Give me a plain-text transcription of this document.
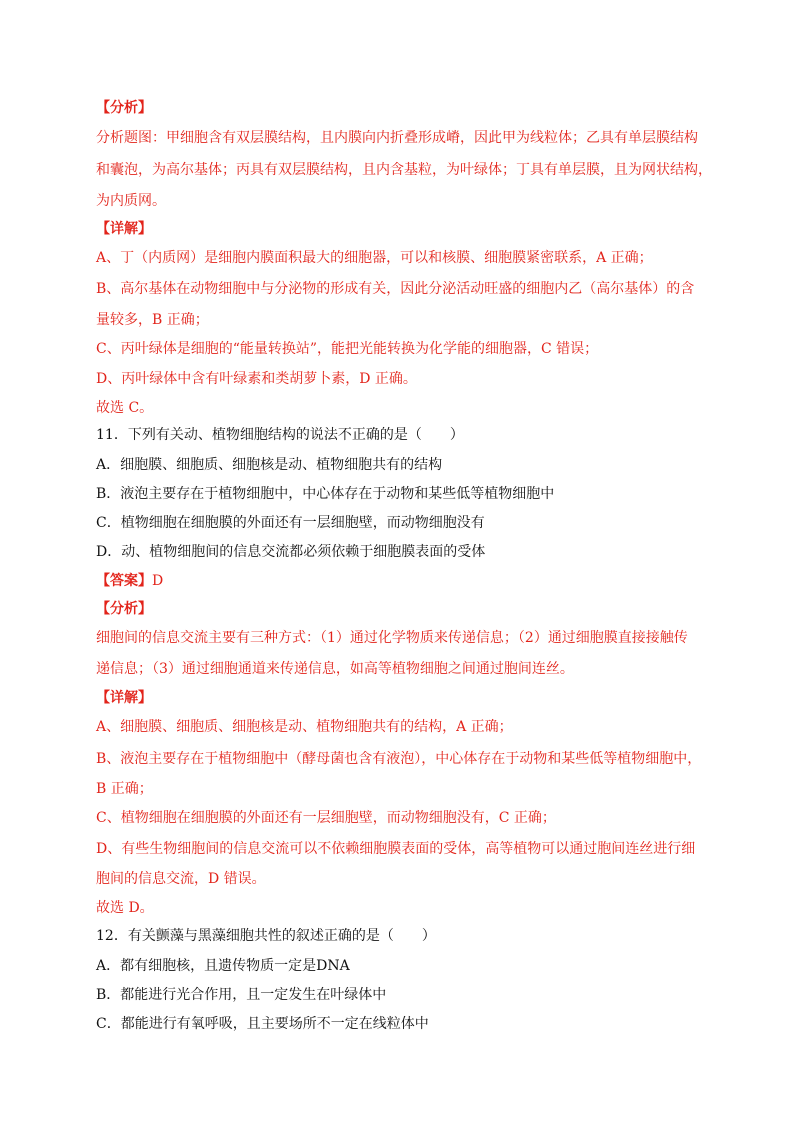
【分析】
分析题图：甲细胞含有双层膜结构，且内膜向内折叠形成嵴，因此甲为线粒体；乙具有单层膜结构
和囊泡，为高尔基体；丙具有双层膜结构，且内含基粒，为叶绿体；丁具有单层膜，且为网状结构，
为内质网。
【详解】
A、丁（内质网）是细胞内膜面积最大的细胞器，可以和核膜、细胞膜紧密联系，A 正确；
B、高尔基体在动物细胞中与分泌物的形成有关，因此分泌活动旺盛的细胞内乙（高尔基体）的含
量较多，B 正确；
C、丙叶绿体是细胞的“能量转换站”，能把光能转换为化学能的细胞器，C 错误；
D、丙叶绿体中含有叶绿素和类胡萝卜素，D 正确。
故选 C。
11．下列有关动、植物细胞结构的说法不正确的是（　　）
A．细胞膜、细胞质、细胞核是动、植物细胞共有的结构
B．液泡主要存在于植物细胞中，中心体存在于动物和某些低等植物细胞中
C．植物细胞在细胞膜的外面还有一层细胞壁，而动物细胞没有
D．动、植物细胞间的信息交流都必须依赖于细胞膜表面的受体
【答案】D
【分析】
细胞间的信息交流主要有三种方式：（1）通过化学物质来传递信息；（2）通过细胞膜直接接触传
递信息；（3）通过细胞通道来传递信息，如高等植物细胞之间通过胞间连丝。
【详解】
A、细胞膜、细胞质、细胞核是动、植物细胞共有的结构，A 正确；
B、液泡主要存在于植物细胞中（酵母菌也含有液泡），中心体存在于动物和某些低等植物细胞中，
B 正确；
C、植物细胞在细胞膜的外面还有一层细胞壁，而动物细胞没有，C 正确；
D、有些生物细胞间的信息交流可以不依赖细胞膜表面的受体，高等植物可以通过胞间连丝进行细
胞间的信息交流，D 错误。
故选 D。
12．有关颤藻与黑藻细胞共性的叙述正确的是（　　）
A．都有细胞核，且遗传物质一定是DNA
B．都能进行光合作用，且一定发生在叶绿体中
C．都能进行有氧呼吸，且主要场所不一定在线粒体中
